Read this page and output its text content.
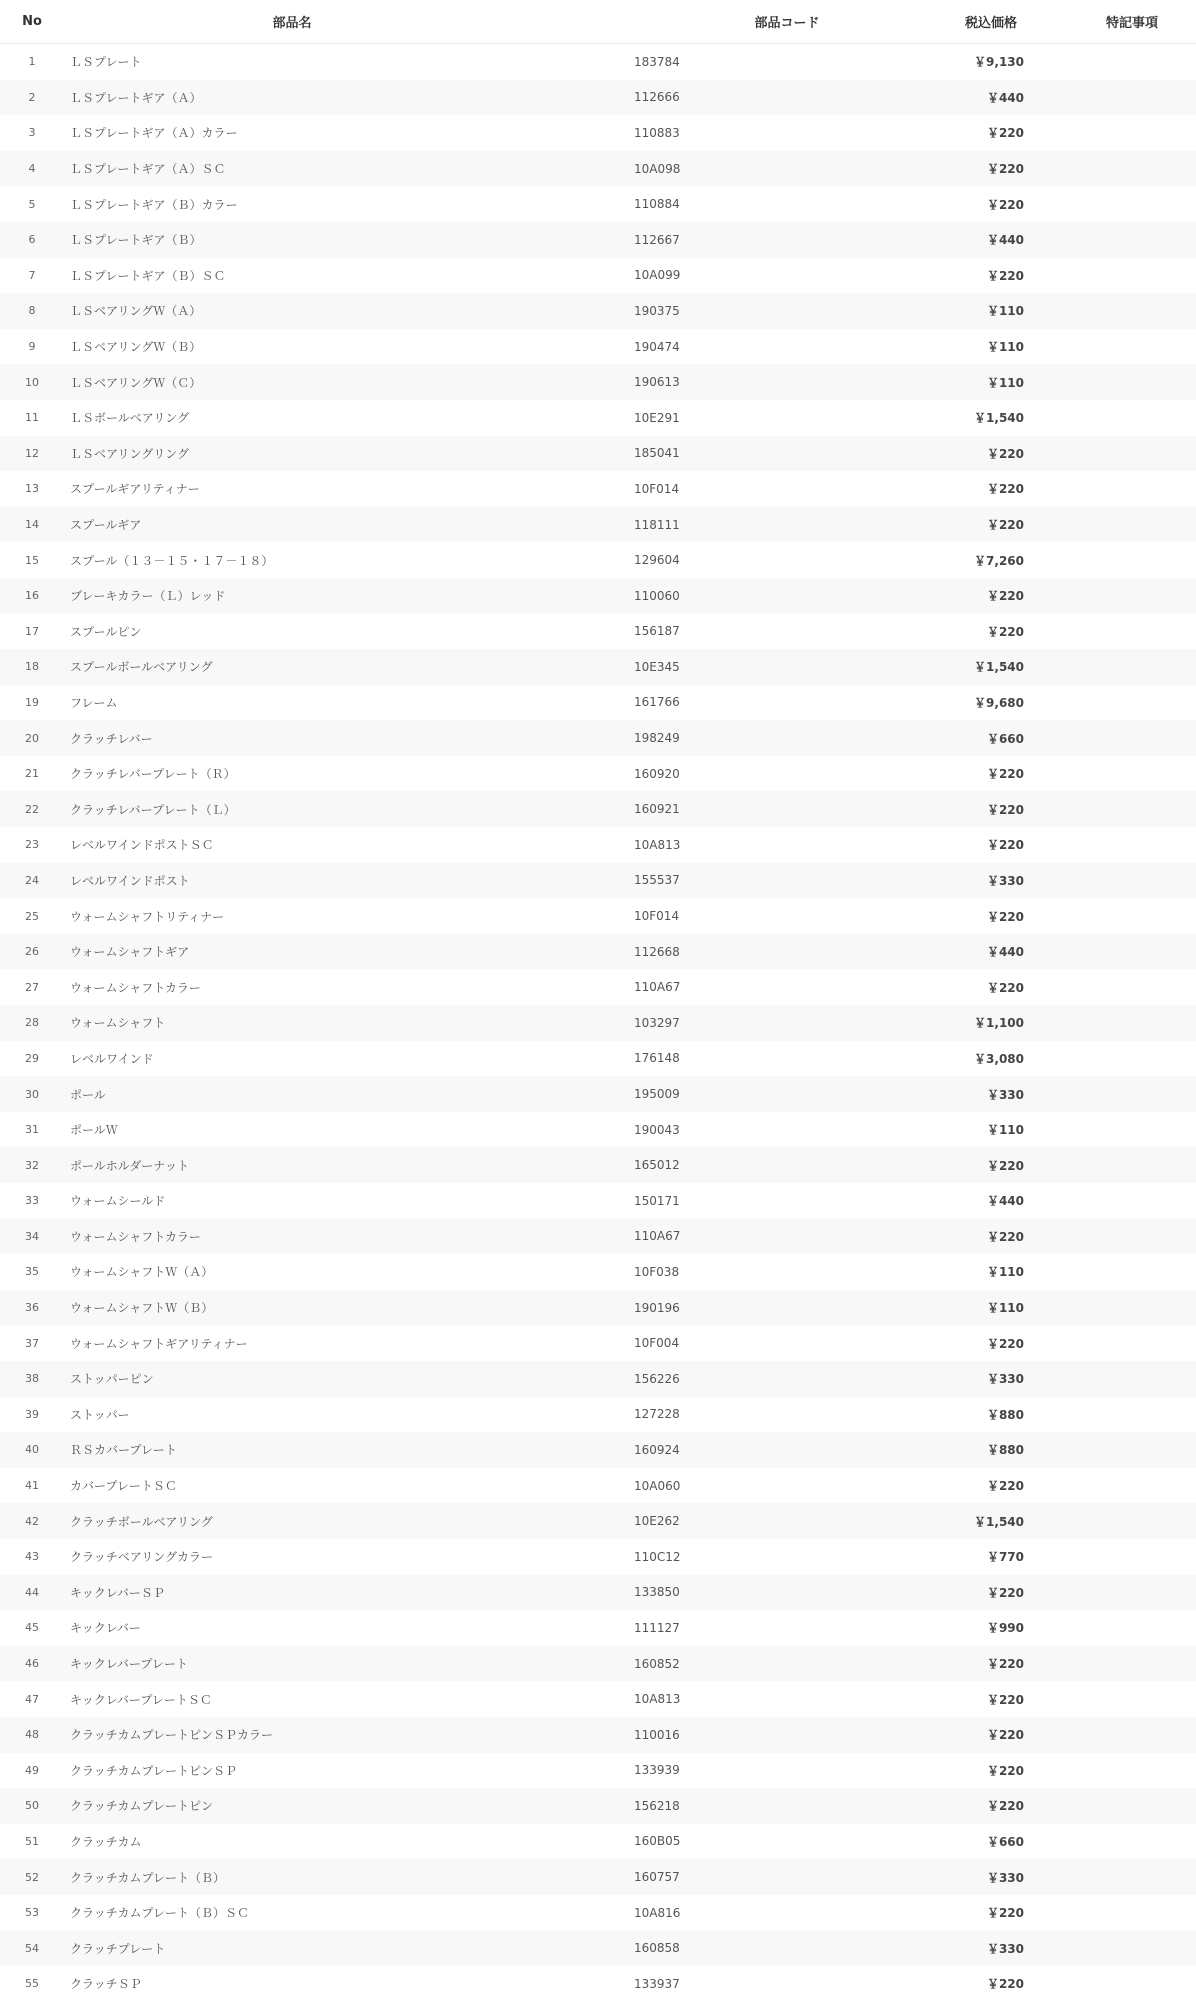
No	部品名	部品コード	税込価格	特記事項
1	ＬＳプレート	183784	￥9,130	
2	ＬＳプレートギア（Ａ）	112666	￥440	
3	ＬＳプレートギア（Ａ）カラー	110883	￥220	
4	ＬＳプレートギア（Ａ）ＳＣ	10A098	￥220	
5	ＬＳプレートギア（Ｂ）カラー	110884	￥220	
6	ＬＳプレートギア（Ｂ）	112667	￥440	
7	ＬＳプレートギア（Ｂ）ＳＣ	10A099	￥220	
8	ＬＳベアリングＷ（Ａ）	190375	￥110	
9	ＬＳベアリングＷ（Ｂ）	190474	￥110	
10	ＬＳベアリングＷ（Ｃ）	190613	￥110	
11	ＬＳボールベアリング	10E291	￥1,540	
12	ＬＳベアリングリング	185041	￥220	
13	スプールギアリティナー	10F014	￥220	
14	スプールギア	118111	￥220	
15	スプール（１３－１５・１７－１８）	129604	￥7,260	
16	ブレーキカラー（Ｌ）レッド	110060	￥220	
17	スプールピン	156187	￥220	
18	スプールボールベアリング	10E345	￥1,540	
19	フレーム	161766	￥9,680	
20	クラッチレバー	198249	￥660	
21	クラッチレバープレート（Ｒ）	160920	￥220	
22	クラッチレバープレート（Ｌ）	160921	￥220	
23	レベルワインドポストＳＣ	10A813	￥220	
24	レベルワインドポスト	155537	￥330	
25	ウォームシャフトリティナー	10F014	￥220	
26	ウォームシャフトギア	112668	￥440	
27	ウォームシャフトカラー	110A67	￥220	
28	ウォームシャフト	103297	￥1,100	
29	レベルワインド	176148	￥3,080	
30	ポール	195009	￥330	
31	ポールＷ	190043	￥110	
32	ポールホルダーナット	165012	￥220	
33	ウォームシールド	150171	￥440	
34	ウォームシャフトカラー	110A67	￥220	
35	ウォームシャフトＷ（Ａ）	10F038	￥110	
36	ウォームシャフトＷ（Ｂ）	190196	￥110	
37	ウォームシャフトギアリティナー	10F004	￥220	
38	ストッパーピン	156226	￥330	
39	ストッパー	127228	￥880	
40	ＲＳカバープレート	160924	￥880	
41	カバープレートＳＣ	10A060	￥220	
42	クラッチボールベアリング	10E262	￥1,540	
43	クラッチベアリングカラー	110C12	￥770	
44	キックレバーＳＰ	133850	￥220	
45	キックレバー	111127	￥990	
46	キックレバープレート	160852	￥220	
47	キックレバープレートＳＣ	10A813	￥220	
48	クラッチカムプレートピンＳＰカラー	110016	￥220	
49	クラッチカムプレートピンＳＰ	133939	￥220	
50	クラッチカムプレートピン	156218	￥220	
51	クラッチカム	160B05	￥660	
52	クラッチカムプレート（Ｂ）	160757	￥330	
53	クラッチカムプレート（Ｂ）ＳＣ	10A816	￥220	
54	クラッチプレート	160858	￥330	
55	クラッチＳＰ	133937	￥220	
